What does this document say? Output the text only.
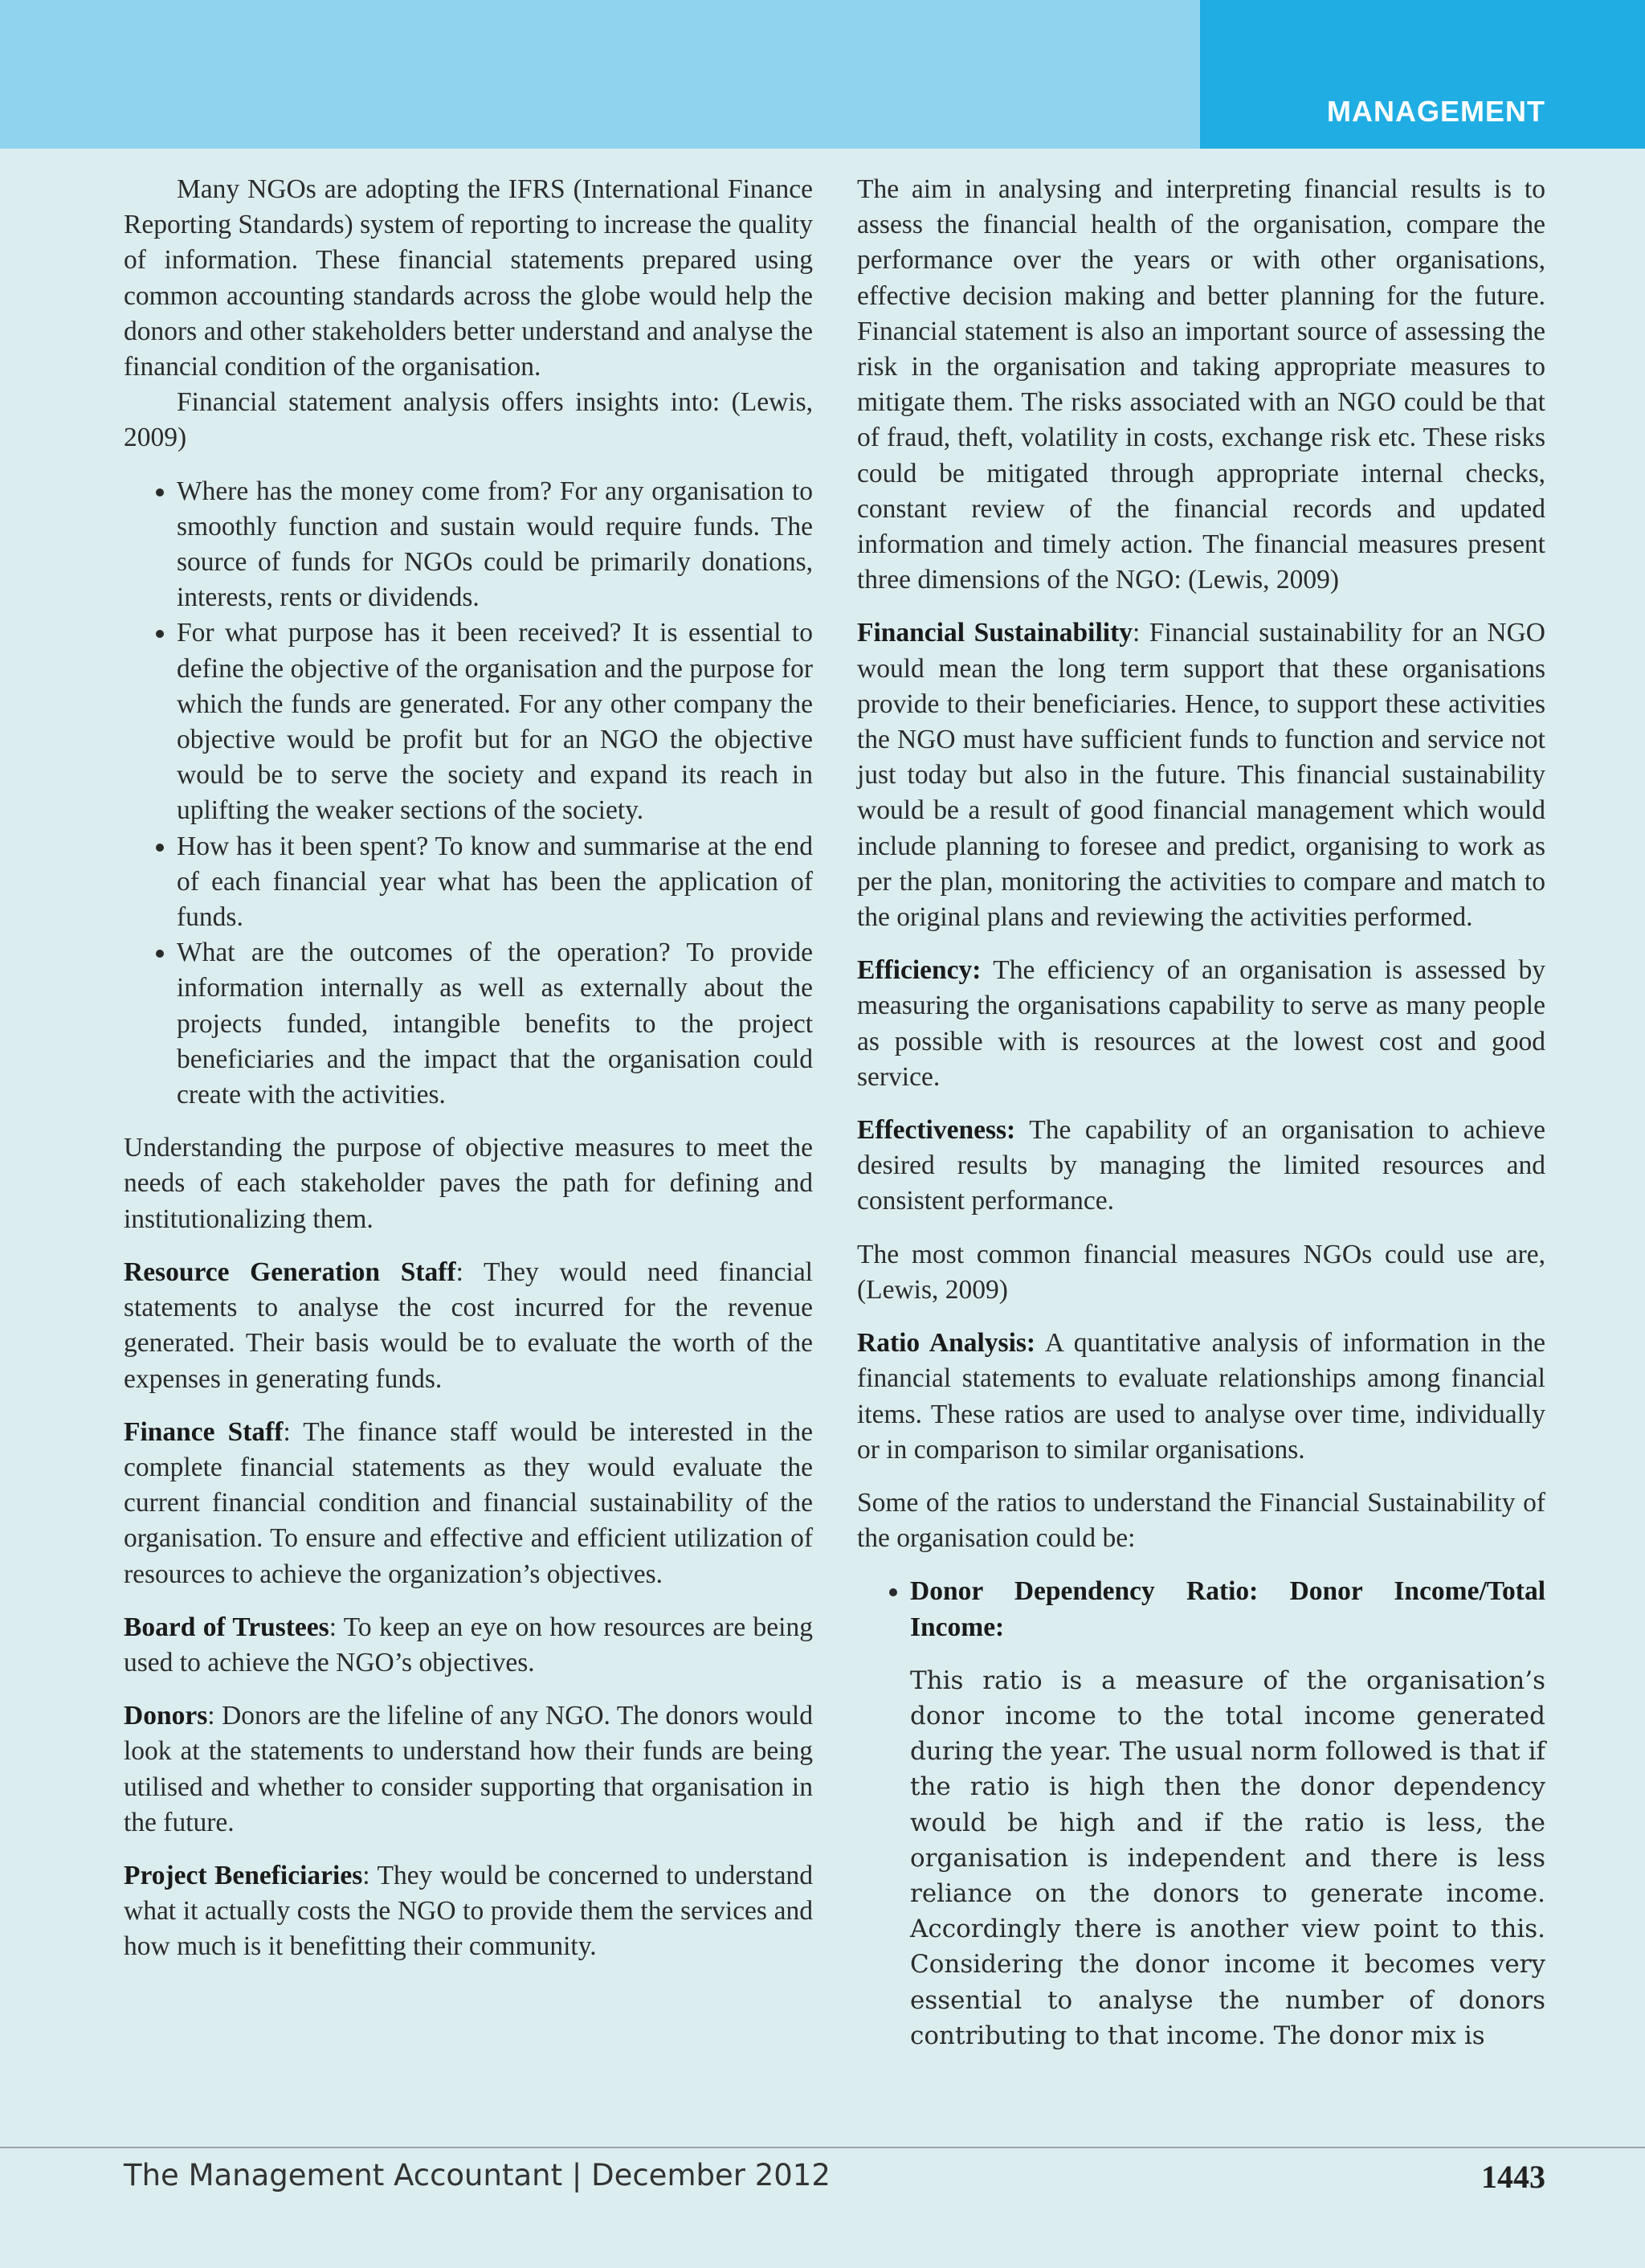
MANAGEMENT

Many NGOs are adopting the IFRS (International Finance Reporting Standards) system of reporting to increase the quality of information. These financial statements prepared using common accounting standards across the globe would help the donors and other stakeholders better understand and analyse the financial condition of the organisation.

Financial statement analysis offers insights into: (Lewis, 2009)

• Where has the money come from? For any organisation to smoothly function and sustain would require funds. The source of funds for NGOs could be primarily donations, interests, rents or dividends.
• For what purpose has it been received? It is essential to define the objective of the organisation and the purpose for which the funds are generated. For any other company the objective would be profit but for an NGO the objective would be to serve the society and expand its reach in uplifting the weaker sections of the society.
• How has it been spent? To know and summarise at the end of each financial year what has been the application of funds.
• What are the outcomes of the operation? To provide information internally as well as externally about the projects funded, intangible benefits to the project beneficiaries and the impact that the organisation could create with the activities.

Understanding the purpose of objective measures to meet the needs of each stakeholder paves the path for defining and institutionalizing them.

Resource Generation Staff: They would need financial statements to analyse the cost incurred for the revenue generated. Their basis would be to evaluate the worth of the expenses in generating funds.

Finance Staff: The finance staff would be interested in the complete financial statements as they would evaluate the current financial condition and financial sustainability of the organisation. To ensure and effective and efficient utilization of resources to achieve the organization’s objectives.

Board of Trustees: To keep an eye on how resources are being used to achieve the NGO’s objectives.

Donors: Donors are the lifeline of any NGO. The donors would look at the statements to understand how their funds are being utilised and whether to consider supporting that organisation in the future.

Project Beneficiaries: They would be concerned to understand what it actually costs the NGO to provide them the services and how much is it benefitting their community.

The aim in analysing and interpreting financial results is to assess the financial health of the organisation, compare the performance over the years or with other organisations, effective decision making and better planning for the future. Financial statement is also an important source of assessing the risk in the organisation and taking appropriate measures to mitigate them. The risks associated with an NGO could be that of fraud, theft, volatility in costs, exchange risk etc. These risks could be mitigated through appropriate internal checks, constant review of the financial records and updated information and timely action. The financial measures present three dimensions of the NGO: (Lewis, 2009)

Financial Sustainability: Financial sustainability for an NGO would mean the long term support that these organisations provide to their beneficiaries. Hence, to support these activities the NGO must have sufficient funds to function and service not just today but also in the future. This financial sustainability would be a result of good financial management which would include planning to foresee and predict, organising to work as per the plan, monitoring the activities to compare and match to the original plans and reviewing the activities performed.

Efficiency: The efficiency of an organisation is assessed by measuring the organisations capability to serve as many people as possible with is resources at the lowest cost and good service.

Effectiveness: The capability of an organisation to achieve desired results by managing the limited resources and consistent performance.

The most common financial measures NGOs could use are, (Lewis, 2009)

Ratio Analysis: A quantitative analysis of information in the financial statements to evaluate relationships among financial items. These ratios are used to analyse over time, individually or in comparison to similar organisations.

Some of the ratios to understand the Financial Sustainability of the organisation could be:

• Donor Dependency Ratio: Donor Income/Total Income:
This ratio is a measure of the organisation’s donor income to the total income generated during the year. The usual norm followed is that if the ratio is high then the donor dependency would be high and if the ratio is less, the organisation is independent and there is less reliance on the donors to generate income. Accordingly there is another view point to this. Considering the donor income it becomes very essential to analyse the number of donors contributing to that income. The donor mix is
The Management Accountant | December 2012	1443
